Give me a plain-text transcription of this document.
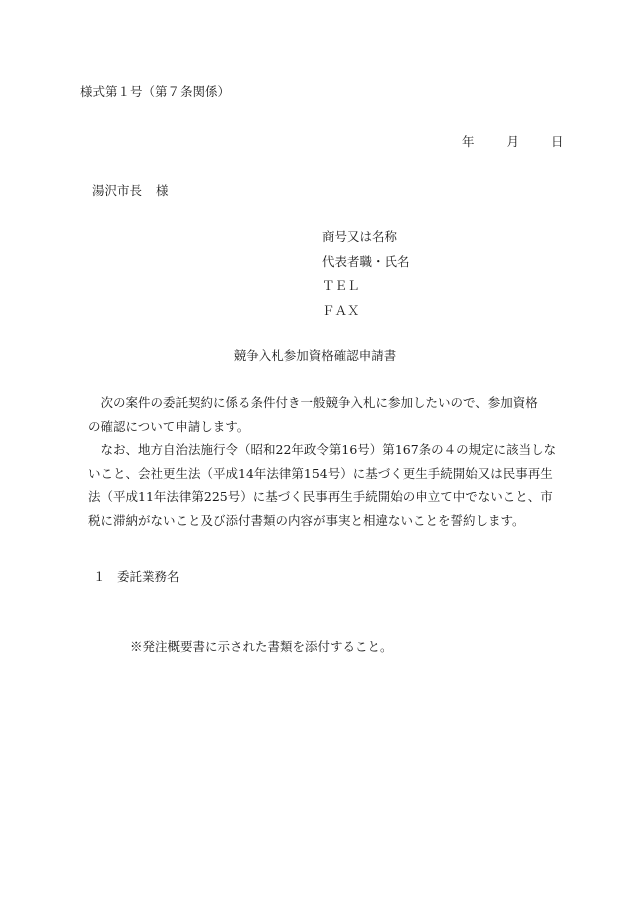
様式第１号（第７条関係）
年	月	日
湯沢市長 様
商号又は名称
代表者職・氏名
ＴＥＬ
ＦＡＸ
競争入札参加資格確認申請書
　次の案件の委託契約に係る条件付き一般競争入札に参加したいので、参加資格
の確認について申請します。
　なお、地方自治法施行令（昭和22年政令第16号）第167条の４の規定に該当しな
いこと、会社更生法（平成14年法律第154号）に基づく更生手続開始又は民事再生
法（平成11年法律第225号）に基づく民事再生手続開始の申立て中でないこと、市
税に滞納がないこと及び添付書類の内容が事実と相違ないことを誓約します。
１ 委託業務名
※発注概要書に示された書類を添付すること。
